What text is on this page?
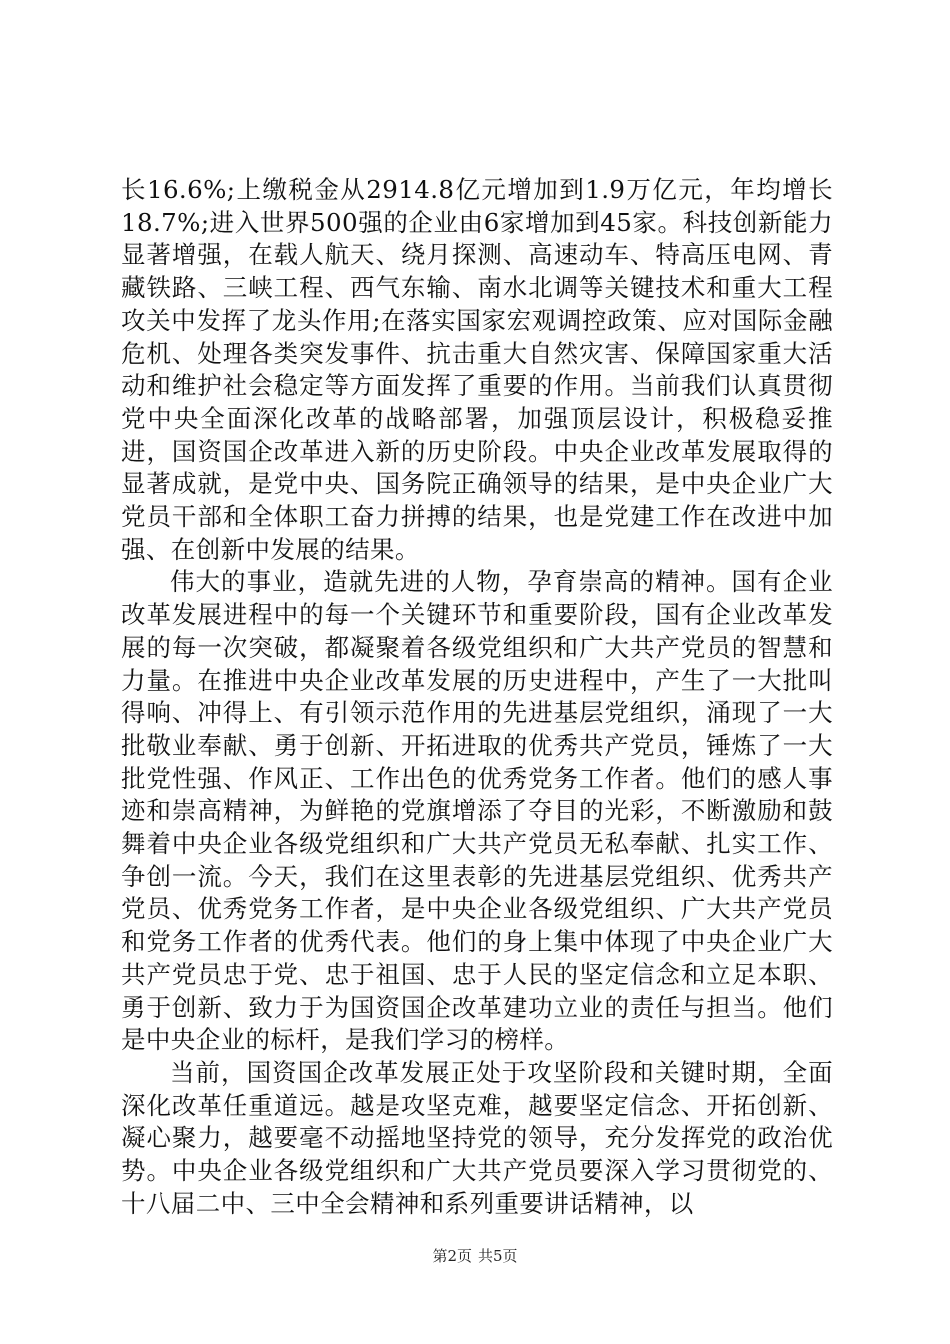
长16.6%;上缴税金从2914.8亿元增加到1.9万亿元，年均增长18.7%;进入世界500强的企业由6家增加到45家。科技创新能力显著增强，在载人航天、绕月探测、高速动车、特高压电网、青藏铁路、三峡工程、西气东输、南水北调等关键技术和重大工程攻关中发挥了龙头作用;在落实国家宏观调控政策、应对国际金融危机、处理各类突发事件、抗击重大自然灾害、保障国家重大活动和维护社会稳定等方面发挥了重要的作用。当前我们认真贯彻党中央全面深化改革的战略部署，加强顶层设计，积极稳妥推进，国资国企改革进入新的历史阶段。中央企业改革发展取得的显著成就，是党中央、国务院正确领导的结果，是中央企业广大党员干部和全体职工奋力拼搏的结果，也是党建工作在改进中加强、在创新中发展的结果。

伟大的事业，造就先进的人物，孕育崇高的精神。国有企业改革发展进程中的每一个关键环节和重要阶段，国有企业改革发展的每一次突破，都凝聚着各级党组织和广大共产党员的智慧和力量。在推进中央企业改革发展的历史进程中，产生了一大批叫得响、冲得上、有引领示范作用的先进基层党组织，涌现了一大批敬业奉献、勇于创新、开拓进取的优秀共产党员，锤炼了一大批党性强、作风正、工作出色的优秀党务工作者。他们的感人事迹和崇高精神，为鲜艳的党旗增添了夺目的光彩，不断激励和鼓舞着中央企业各级党组织和广大共产党员无私奉献、扎实工作、争创一流。今天，我们在这里表彰的先进基层党组织、优秀共产党员、优秀党务工作者，是中央企业各级党组织、广大共产党员和党务工作者的优秀代表。他们的身上集中体现了中央企业广大共产党员忠于党、忠于祖国、忠于人民的坚定信念和立足本职、勇于创新、致力于为国资国企改革建功立业的责任与担当。他们是中央企业的标杆，是我们学习的榜样。

当前，国资国企改革发展正处于攻坚阶段和关键时期，全面深化改革任重道远。越是攻坚克难，越要坚定信念、开拓创新、凝心聚力，越要毫不动摇地坚持党的领导，充分发挥党的政治优势。中央企业各级党组织和广大共产党员要深入学习贯彻党的、十八届二中、三中全会精神和系列重要讲话精神，以

第2页 共5页
